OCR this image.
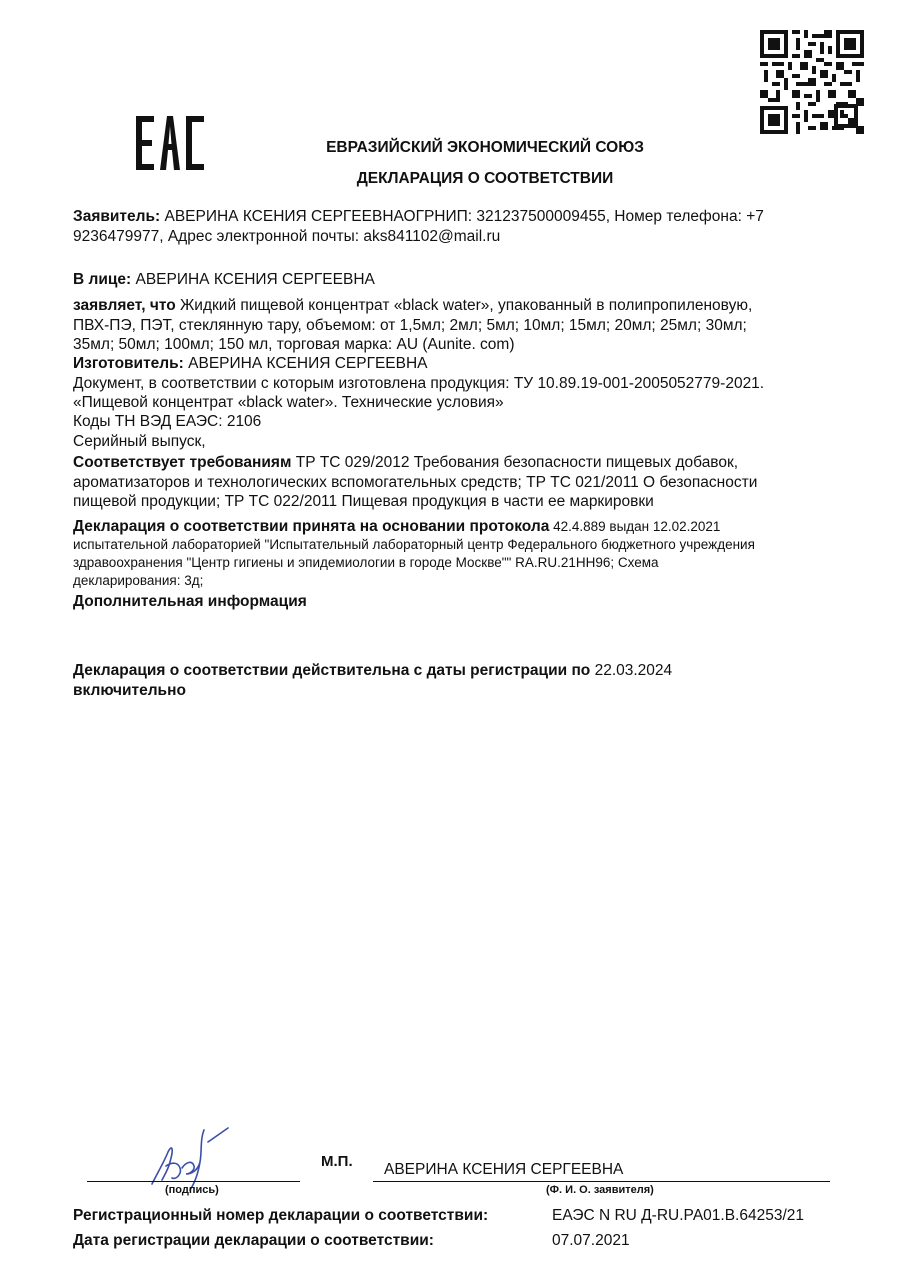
ЕВРАЗИЙСКИЙ ЭКОНОМИЧЕСКИЙ СОЮЗ
ДЕКЛАРАЦИЯ О СООТВЕТСТВИИ
Заявитель: АВЕРИНА КСЕНИЯ СЕРГЕЕВНАОГРНИП: 321237500009455, Номер телефона: +7
9236479977, Адрес электронной почты: aks841102@mail.ru
В лице: АВЕРИНА КСЕНИЯ СЕРГЕЕВНА
заявляет, что Жидкий пищевой концентрат «black water», упакованный в полипропиленовую,
ПВХ-ПЭ, ПЭТ, стеклянную тару, объемом: от 1,5мл; 2мл; 5мл; 10мл; 15мл; 20мл; 25мл; 30мл;
35мл; 50мл; 100мл; 150 мл, торговая марка: AU (Aunite. com)
Изготовитель: АВЕРИНА КСЕНИЯ СЕРГЕЕВНА
Документ, в соответствии с которым изготовлена продукция: ТУ 10.89.19-001-2005052779-2021.
«Пищевой концентрат «black water». Технические условия»
Коды ТН ВЭД ЕАЭС: 2106
Серийный выпуск,
Соответствует требованиям ТР ТС 029/2012 Требования безопасности пищевых добавок,
ароматизаторов и технологических вспомогательных средств; ТР ТС 021/2011 О безопасности
пищевой продукции; ТР ТС 022/2011 Пищевая продукция в части ее маркировки
Декларация о соответствии принята на основании протокола 42.4.889 выдан 12.02.2021
испытательной лабораторией "Испытательный лабораторный центр Федерального бюджетного учреждения
здравоохранения "Центр гигиены и эпидемиологии в городе Москве"" RA.RU.21НН96; Схема
декларирования: 3д;
Дополнительная информация
Декларация о соответствии действительна с даты регистрации по 22.03.2024
включительно
М.П. АВЕРИНА КСЕНИЯ СЕРГЕЕВНА
(подпись)	(Ф. И. О. заявителя)
Регистрационный номер декларации о соответствии:	ЕАЭС N RU Д-RU.РА01.В.64253/21
Дата регистрации декларации о соответствии:	07.07.2021
